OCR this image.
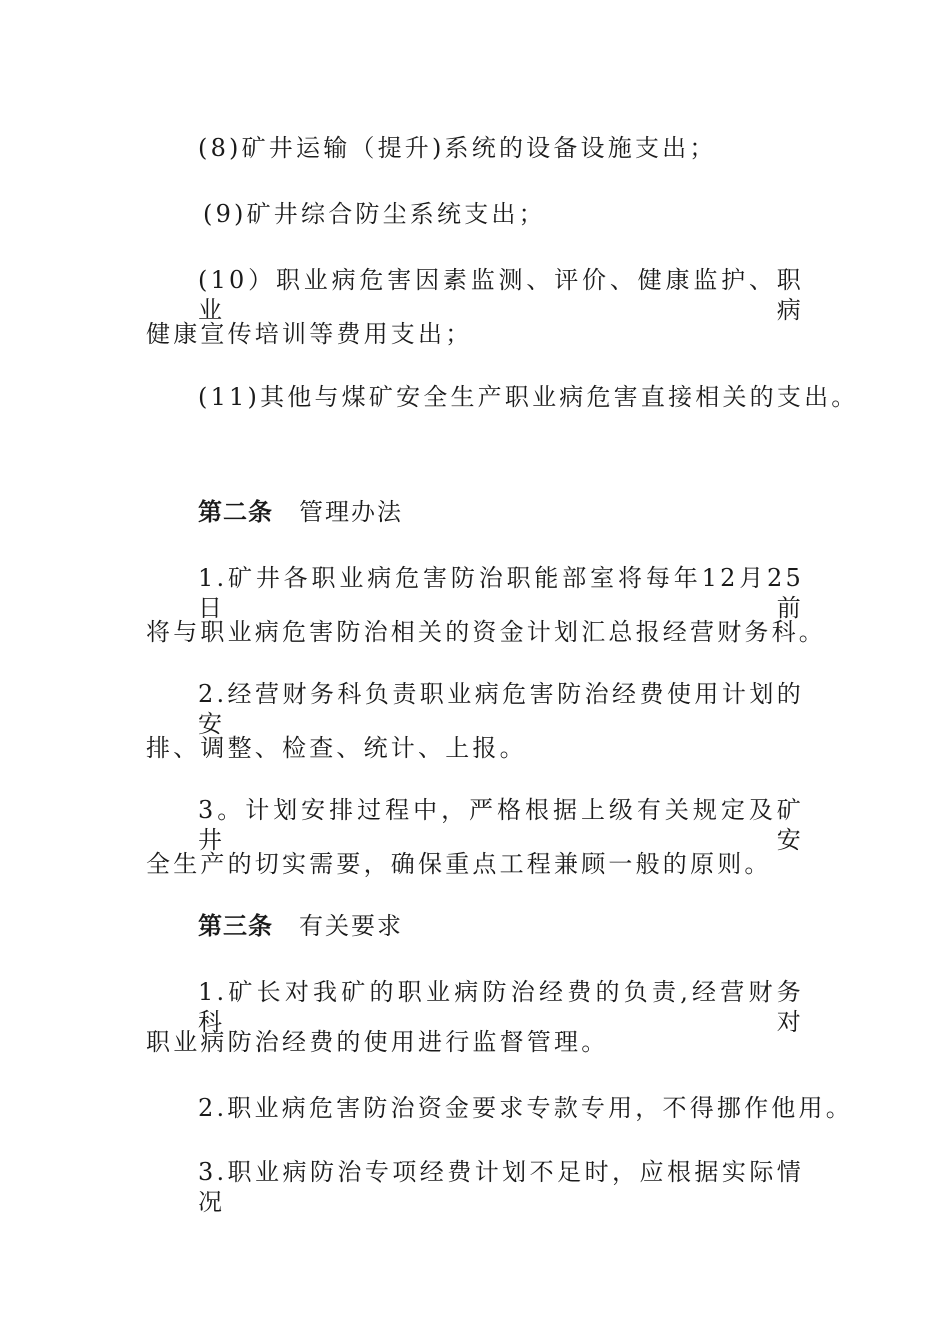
(8)矿井运输（提升)系统的设备设施支出；
(9)矿井综合防尘系统支出；
(10）职业病危害因素监测、评价、健康监护、职业病
健康宣传培训等费用支出；
(11)其他与煤矿安全生产职业病危害直接相关的支出。
第二条 管理办法
1.矿井各职业病危害防治职能部室将每年12月25日前
将与职业病危害防治相关的资金计划汇总报经营财务科。
2.经营财务科负责职业病危害防治经费使用计划的安
排、调整、检查、统计、上报。
3。计划安排过程中，严格根据上级有关规定及矿井安
全生产的切实需要，确保重点工程兼顾一般的原则。
第三条 有关要求
1.矿长对我矿的职业病防治经费的负责,经营财务科对
职业病防治经费的使用进行监督管理。
2.职业病危害防治资金要求专款专用，不得挪作他用。
3.职业病防治专项经费计划不足时，应根据实际情况
